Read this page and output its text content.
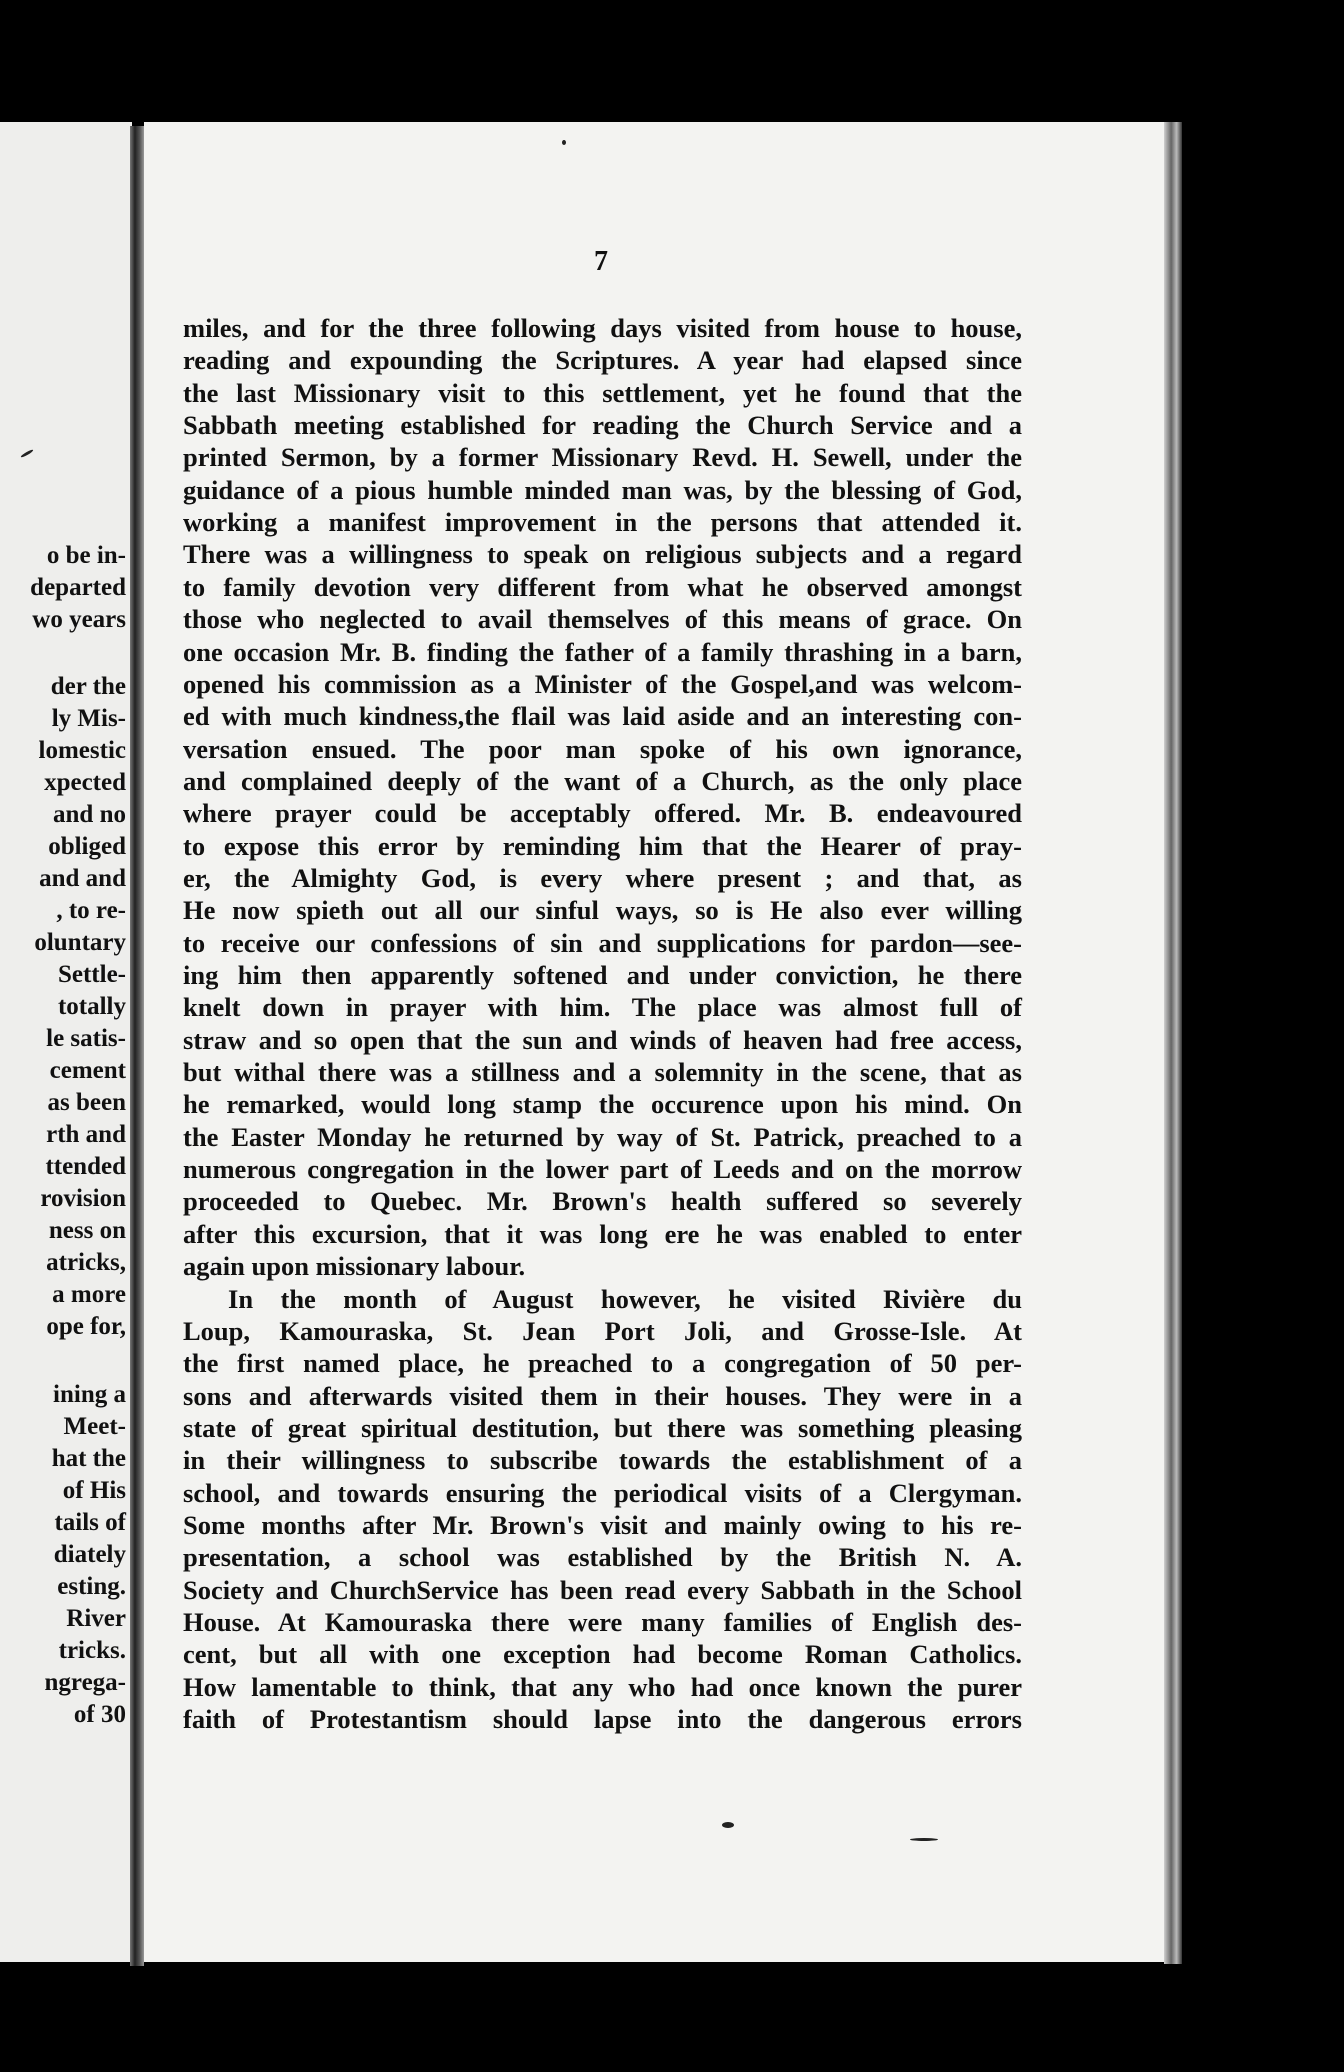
o be in-
departed
wo years
der the
ly Mis-
lomestic
xpected
and no
obliged
and and
, to re-
oluntary
Settle-
totally
le satis-
cement
as been
rth and
ttended
rovision
ness on
atricks,
a more
ope for,
ining a
Meet-
hat the
of His
tails of
diately
esting.
River
tricks.
ngrega-
of 30
7
miles, and for the three following days visited from house to house,
reading and expounding the Scriptures. A year had elapsed since
the last Missionary visit to this settlement, yet he found that the
Sabbath meeting established for reading the Church Service and a
printed Sermon, by a former Missionary Revd. H. Sewell, under the
guidance of a pious humble minded man was, by the blessing of God,
working a manifest improvement in the persons that attended it.
There was a willingness to speak on religious subjects and a regard
to family devotion very different from what he observed amongst
those who neglected to avail themselves of this means of grace. On
one occasion Mr. B. finding the father of a family thrashing in a barn,
opened his commission as a Minister of the Gospel,and was welcom-
ed with much kindness,the flail was laid aside and an interesting con-
versation ensued. The poor man spoke of his own ignorance,
and complained deeply of the want of a Church, as the only place
where prayer could be acceptably offered. Mr. B. endeavoured
to expose this error by reminding him that the Hearer of pray-
er, the Almighty God, is every where present ; and that, as
He now spieth out all our sinful ways, so is He also ever willing
to receive our confessions of sin and supplications for pardon—see-
ing him then apparently softened and under conviction, he there
knelt down in prayer with him. The place was almost full of
straw and so open that the sun and winds of heaven had free access,
but withal there was a stillness and a solemnity in the scene, that as
he remarked, would long stamp the occurence upon his mind. On
the Easter Monday he returned by way of St. Patrick, preached to a
numerous congregation in the lower part of Leeds and on the morrow
proceeded to Quebec. Mr. Brown's health suffered so severely
after this excursion, that it was long ere he was enabled to enter
again upon missionary labour.
In the month of August however, he visited Rivière du
Loup, Kamouraska, St. Jean Port Joli, and Grosse-Isle. At
the first named place, he preached to a congregation of 50 per-
sons and afterwards visited them in their houses. They were in a
state of great spiritual destitution, but there was something pleasing
in their willingness to subscribe towards the establishment of a
school, and towards ensuring the periodical visits of a Clergyman.
Some months after Mr. Brown's visit and mainly owing to his re-
presentation, a school was established by the British N. A.
Society and ChurchService has been read every Sabbath in the School
House. At Kamouraska there were many families of English des-
cent, but all with one exception had become Roman Catholics.
How lamentable to think, that any who had once known the purer
faith of Protestantism should lapse into the dangerous errors
